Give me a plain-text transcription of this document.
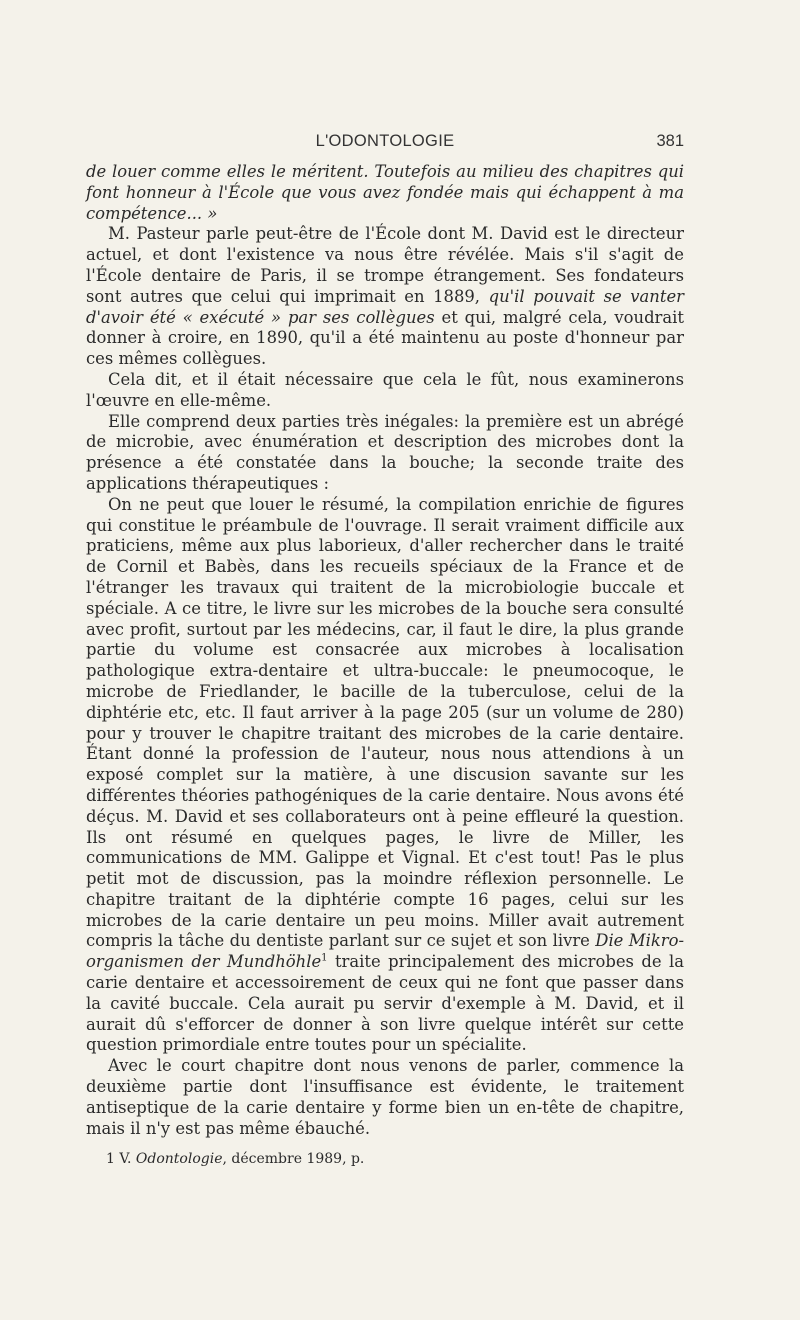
L'ODONTOLOGIE	381

de louer comme elles le méritent. Toutefois au milieu des chapitres qui font honneur à l'École que vous avez fondée mais qui échappent à ma compétence... »

M. Pasteur parle peut-être de l'École dont M. David est le directeur actuel, et dont l'existence va nous être révélée. Mais s'il s'agit de l'École dentaire de Paris, il se trompe étrangement. Ses fondateurs sont autres que celui qui imprimait en 1889, qu'il pouvait se vanter d'avoir été « exécuté » par ses collègues et qui, malgré cela, voudrait donner à croire, en 1890, qu'il a été maintenu au poste d'honneur par ces mêmes collègues.

Cela dit, et il était nécessaire que cela le fût, nous examinerons l'œuvre en elle-même.

Elle comprend deux parties très inégales: la première est un abrégé de microbie, avec énumération et description des microbes dont la présence a été constatée dans la bouche; la seconde traite des applications thérapeutiques :

On ne peut que louer le résumé, la compilation enrichie de figures qui constitue le préambule de l'ouvrage. Il serait vraiment difficile aux praticiens, même aux plus laborieux, d'aller rechercher dans le traité de Cornil et Babès, dans les recueils spéciaux de la France et de l'étranger les travaux qui traitent de la microbiologie buccale et spéciale. A ce titre, le livre sur les microbes de la bouche sera consulté avec profit, surtout par les médecins, car, il faut le dire, la plus grande partie du volume est consacrée aux microbes à localisation pathologique extra-dentaire et ultra-buccale: le pneumocoque, le microbe de Friedlander, le bacille de la tuberculose, celui de la diphtérie etc, etc. Il faut arriver à la page 205 (sur un volume de 280) pour y trouver le chapitre traitant des microbes de la carie dentaire. Étant donné la profession de l'auteur, nous nous attendions à un exposé complet sur la matière, à une discusion savante sur les différentes théories pathogéniques de la carie dentaire. Nous avons été déçus. M. David et ses collaborateurs ont à peine effleuré la question. Ils ont résumé en quelques pages, le livre de Miller, les communications de MM. Galippe et Vignal. Et c'est tout! Pas le plus petit mot de discussion, pas la moindre réflexion personnelle. Le chapitre traitant de la diphtérie compte 16 pages, celui sur les microbes de la carie dentaire un peu moins. Miller avait autrement compris la tâche du dentiste parlant sur ce sujet et son livre Die Mikro-organismen der Mundhöhle$^1$ traite principalement des microbes de la carie dentaire et accessoirement de ceux qui ne font que passer dans la cavité buccale. Cela aurait pu servir d'exemple à M. David, et il aurait dû s'efforcer de donner à son livre quelque intérêt sur cette question primordiale entre toutes pour un spécialite.

Avec le court chapitre dont nous venons de parler, commence la deuxième partie dont l'insuffisance est évidente, le traitement antiseptique de la carie dentaire y forme bien un en-tête de chapitre, mais il n'y est pas même ébauché.

1 V. Odontologie, décembre 1989, p.
